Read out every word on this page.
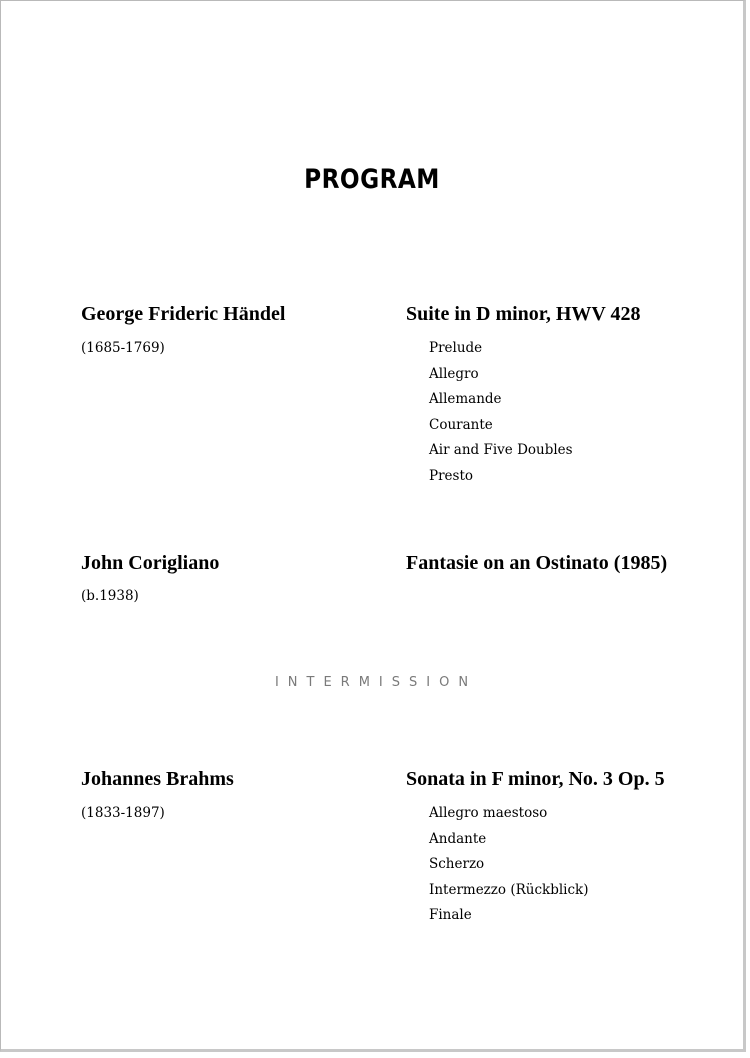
PROGRAM
George Frideric Händel
(1685-1769)
Suite in D minor, HWV 428
Prelude
Allegro
Allemande
Courante
Air and Five Doubles
Presto
John Corigliano
(b.1938)
Fantasie on an Ostinato (1985)
INTERMISSION
Johannes Brahms
(1833-1897)
Sonata in F minor, No. 3 Op. 5
Allegro maestoso
Andante
Scherzo
Intermezzo (Rückblick)
Finale
